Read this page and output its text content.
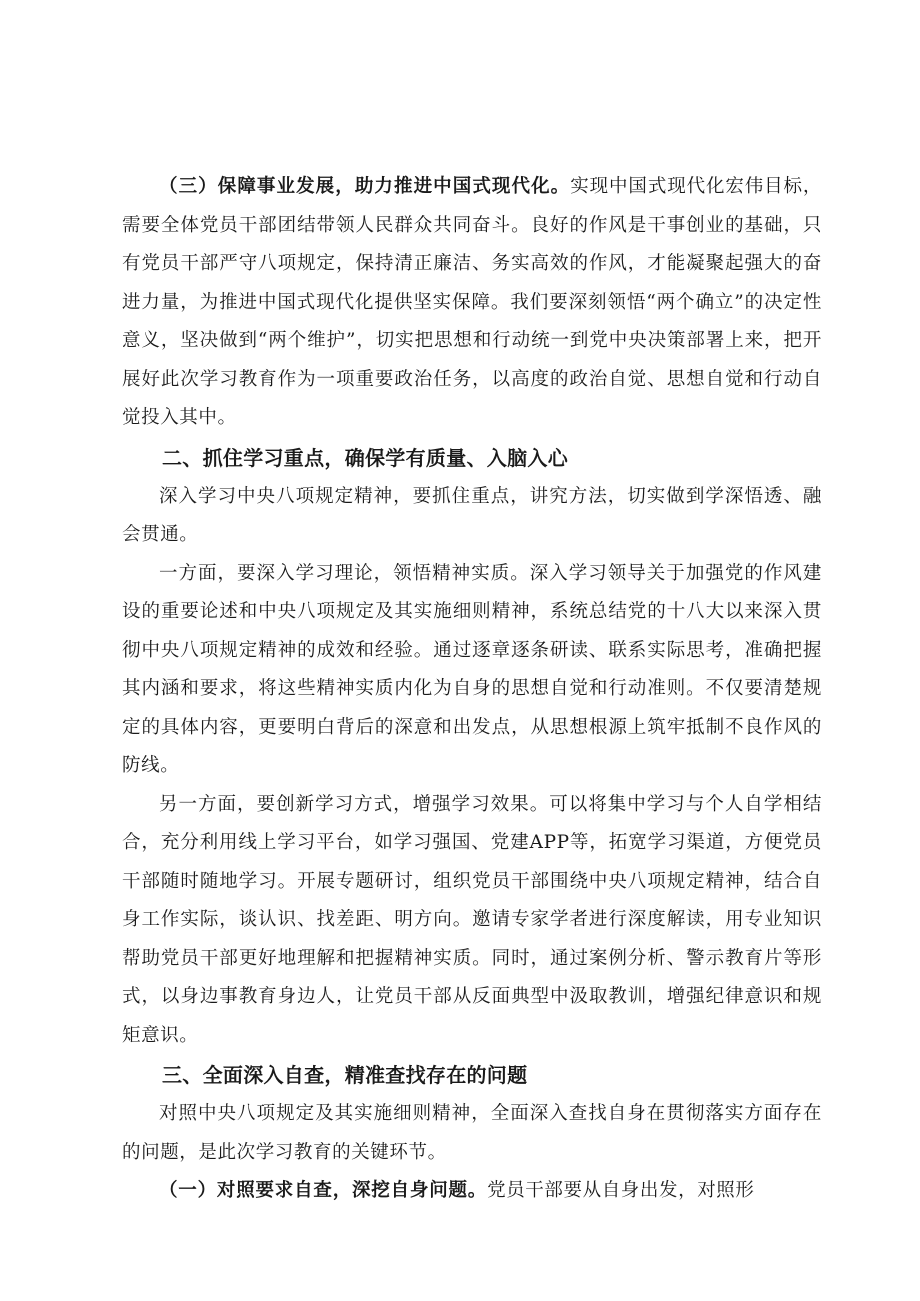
（三）保障事业发展，助力推进中国式现代化。实现中国式现代化宏伟目标，需要全体党员干部团结带领人民群众共同奋斗。良好的作风是干事创业的基础，只有党员干部严守八项规定，保持清正廉洁、务实高效的作风，才能凝聚起强大的奋进力量，为推进中国式现代化提供坚实保障。我们要深刻领悟“两个确立”的决定性意义，坚决做到“两个维护”，切实把思想和行动统一到党中央决策部署上来，把开展好此次学习教育作为一项重要政治任务，以高度的政治自觉、思想自觉和行动自觉投入其中。

二、抓住学习重点，确保学有质量、入脑入心

深入学习中央八项规定精神，要抓住重点，讲究方法，切实做到学深悟透、融会贯通。

一方面，要深入学习理论，领悟精神实质。深入学习领导关于加强党的作风建设的重要论述和中央八项规定及其实施细则精神，系统总结党的十八大以来深入贯彻中央八项规定精神的成效和经验。通过逐章逐条研读、联系实际思考，准确把握其内涵和要求，将这些精神实质内化为自身的思想自觉和行动准则。不仅要清楚规定的具体内容，更要明白背后的深意和出发点，从思想根源上筑牢抵制不良作风的防线。

另一方面，要创新学习方式，增强学习效果。可以将集中学习与个人自学相结合，充分利用线上学习平台，如学习强国、党建APP等，拓宽学习渠道，方便党员干部随时随地学习。开展专题研讨，组织党员干部围绕中央八项规定精神，结合自身工作实际，谈认识、找差距、明方向。邀请专家学者进行深度解读，用专业知识帮助党员干部更好地理解和把握精神实质。同时，通过案例分析、警示教育片等形式，以身边事教育身边人，让党员干部从反面典型中汲取教训，增强纪律意识和规矩意识。

三、全面深入自查，精准查找存在的问题

对照中央八项规定及其实施细则精神，全面深入查找自身在贯彻落实方面存在的问题，是此次学习教育的关键环节。

（一）对照要求自查，深挖自身问题。党员干部要从自身出发，对照形
